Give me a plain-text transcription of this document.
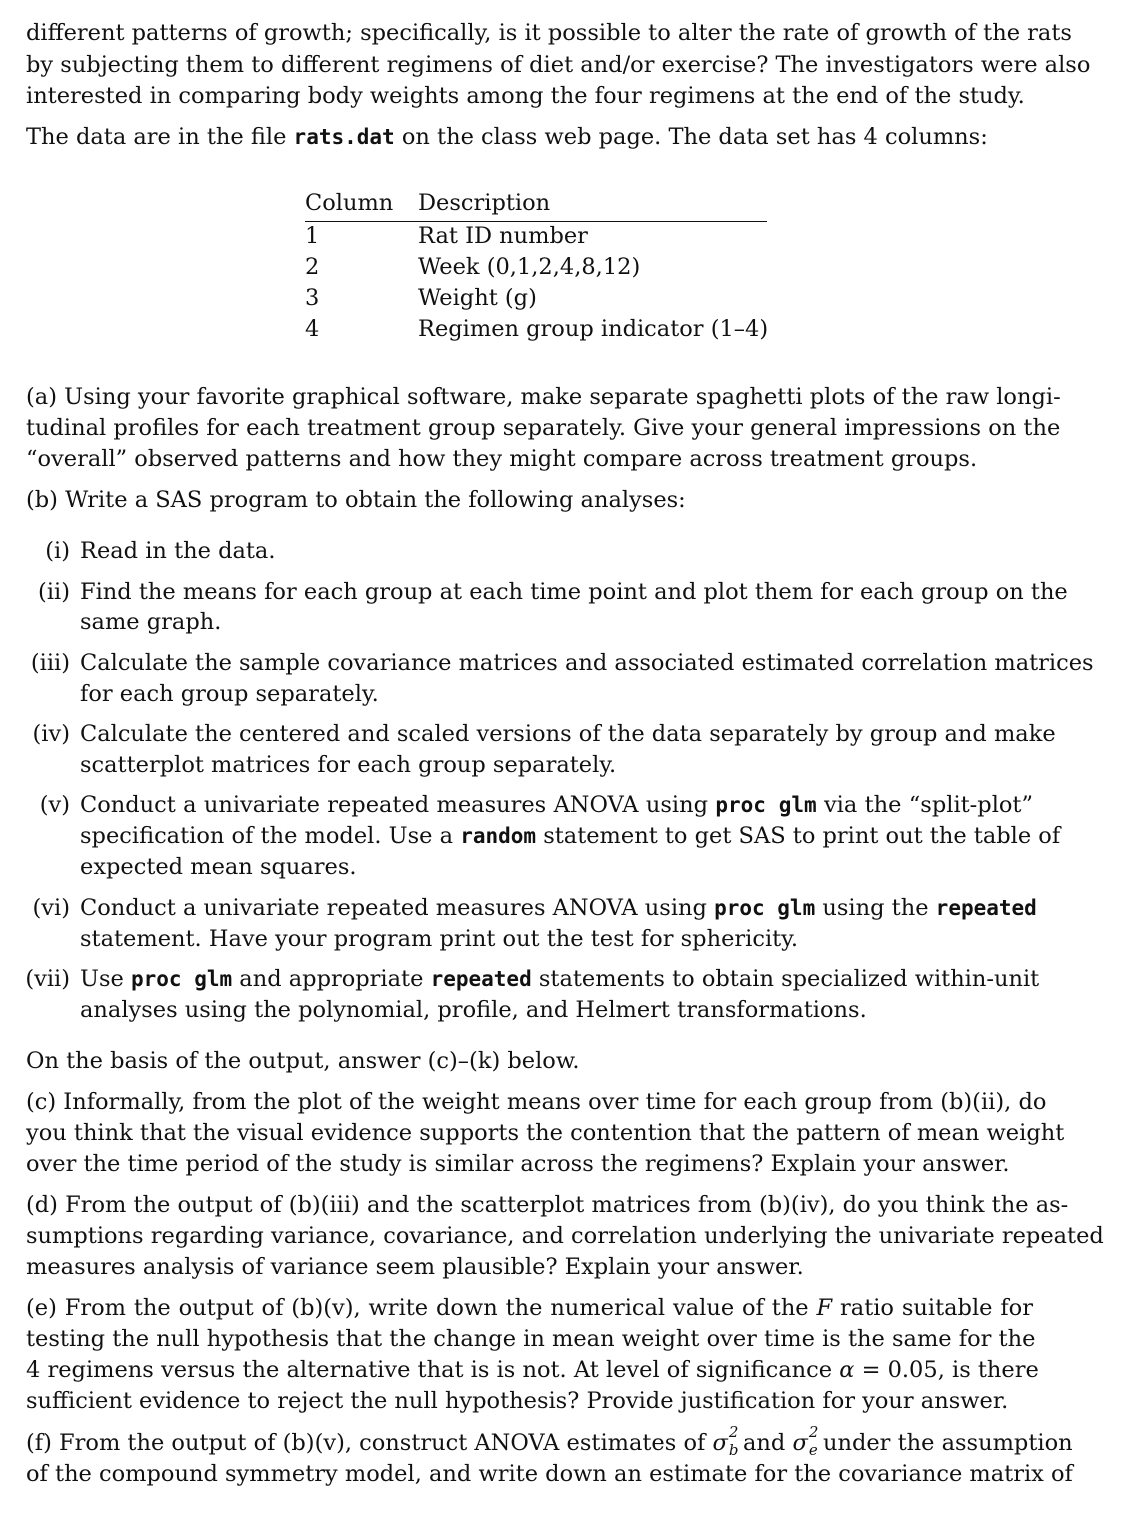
different patterns of growth; specifically, is it possible to alter the rate of growth of the rats
by subjecting them to different regimens of diet and/or exercise? The investigators were also
interested in comparing body weights among the four regimens at the end of the study.
The data are in the file rats.dat on the class web page. The data set has 4 columns:
Column Description
1	Rat ID number
2	Week (0,1,2,4,8,12)
3	Weight (g)
4	Regimen group indicator (1–4)
(a) Using your favorite graphical software, make separate spaghetti plots of the raw longi-
tudinal profiles for each treatment group separately. Give your general impressions on the
“overall” observed patterns and how they might compare across treatment groups.
(b) Write a SAS program to obtain the following analyses:
(i) Read in the data.
(ii) Find the means for each group at each time point and plot them for each group on the
same graph.
(iii) Calculate the sample covariance matrices and associated estimated correlation matrices
for each group separately.
(iv) Calculate the centered and scaled versions of the data separately by group and make
scatterplot matrices for each group separately.
(v) Conduct a univariate repeated measures ANOVA using proc glm via the “split-plot”
specification of the model. Use a random statement to get SAS to print out the table of
expected mean squares.
(vi) Conduct a univariate repeated measures ANOVA using proc glm using the repeated
statement. Have your program print out the test for sphericity.
(vii) Use proc glm and appropriate repeated statements to obtain specialized within-unit
analyses using the polynomial, profile, and Helmert transformations.
On the basis of the output, answer (c)–(k) below.
(c) Informally, from the plot of the weight means over time for each group from (b)(ii), do
you think that the visual evidence supports the contention that the pattern of mean weight
over the time period of the study is similar across the regimens? Explain your answer.
(d) From the output of (b)(iii) and the scatterplot matrices from (b)(iv), do you think the as-
sumptions regarding variance, covariance, and correlation underlying the univariate repeated
measures analysis of variance seem plausible? Explain your answer.
(e) From the output of (b)(v), write down the numerical value of the F ratio suitable for
testing the null hypothesis that the change in mean weight over time is the same for the
4 regimens versus the alternative that is is not. At level of significance α = 0.05, is there
sufficient evidence to reject the null hypothesis? Provide justification for your answer.
(f) From the output of (b)(v), construct ANOVA estimates of σ 2
b
and σ 2
e
under the assumption
of the compound symmetry model, and write down an estimate for the covariance matrix of
